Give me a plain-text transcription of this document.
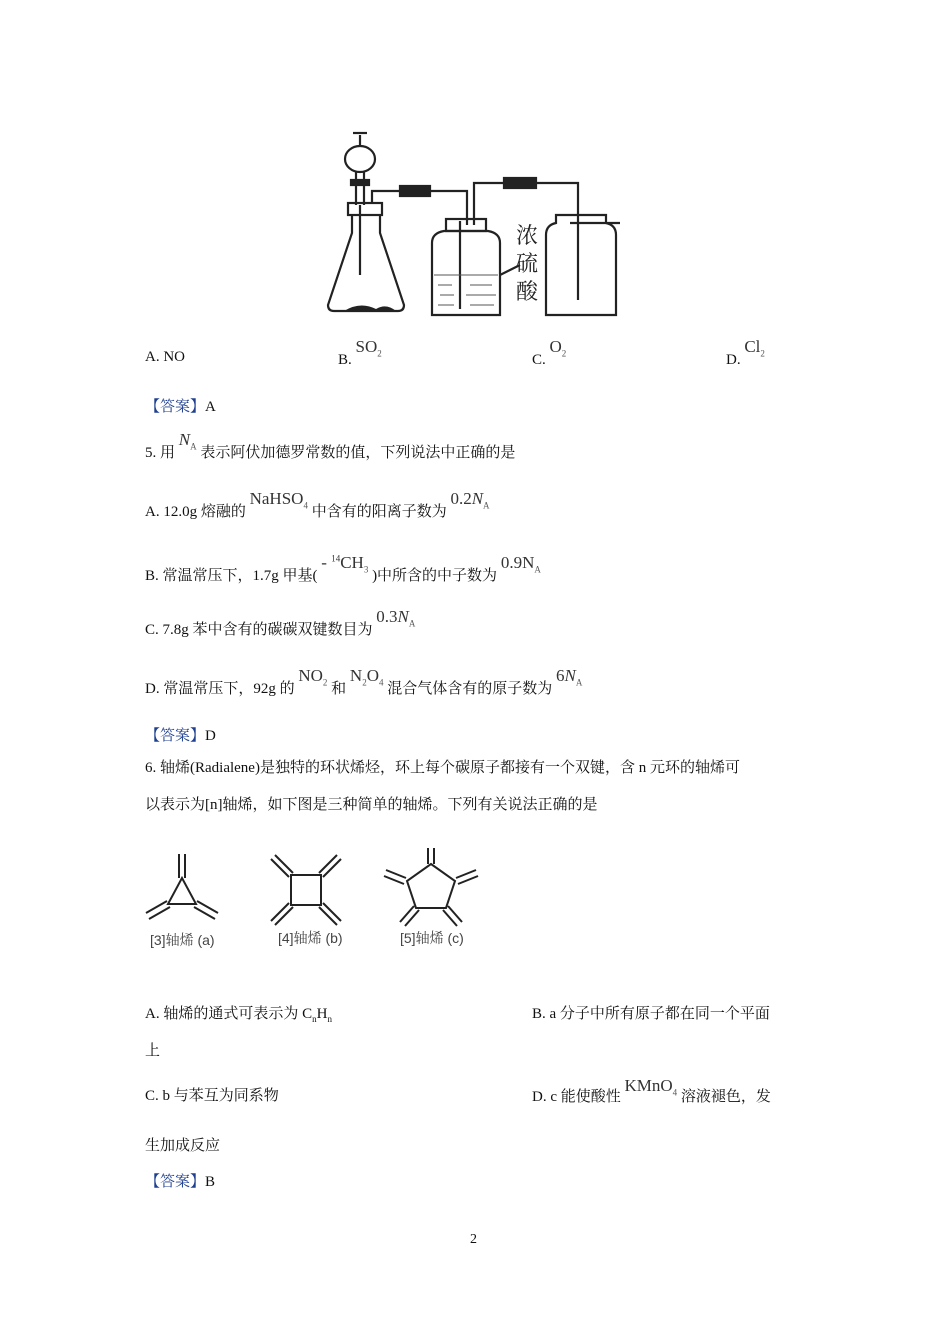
浓
硫
酸
A. NO	B. $SO_2$	C. $O_2$	D. $Cl_2$
【答案】A
5. 用 $N_A$ 表示阿伏加德罗常数的值，下列说法中正确的是
A. 12.0g 熔融的 NaHSO$_4$ 中含有的阳离子数为 $0.2N_A$
B. 常温常压下，1.7g 甲基( - $^{14}CH_3$ )中所含的中子数为 $0.9N_A$
C. 7.8g 苯中含有的碳碳双键数目为 $0.3N_A$
D. 常温常压下，92g 的 $NO_2$ 和 $N_2O_4$ 混合气体含有的原子数为 $6N_A$
【答案】D
6. 轴烯(Radialene)是独特的环状烯烃，环上每个碳原子都接有一个双键，含 n 元环的轴烯可
以表示为[n]轴烯，如下图是三种简单的轴烯。下列有关说法正确的是
[3]轴烯 (a)	[4]轴烯 (b)	[5]轴烯 (c)
A. 轴烯的通式可表示为 $C_nH_n$	B. a 分子中所有原子都在同一个平面
上
C. b 与苯互为同系物	D. c 能使酸性 KMnO$_4$ 溶液褪色，发
生加成反应
【答案】B
2
